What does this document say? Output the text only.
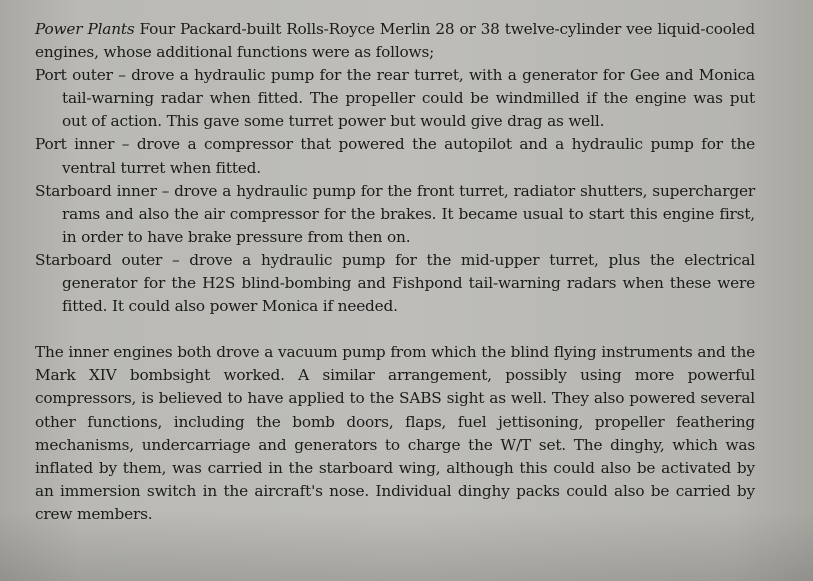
Power Plants Four Packard-built Rolls-Royce Merlin 28 or 38 twelve-cylinder vee liquid-cooled engines, whose additional functions were as follows;

Port outer – drove a hydraulic pump for the rear turret, with a generator for Gee and Monica tail-warning radar when fitted. The propeller could be windmilled if the engine was put out of action. This gave some turret power but would give drag as well.

Port inner – drove a compressor that powered the autopilot and a hydraulic pump for the ventral turret when fitted.

Starboard inner – drove a hydraulic pump for the front turret, radiator shutters, supercharger rams and also the air compressor for the brakes. It became usual to start this engine first, in order to have brake pressure from then on.

Starboard outer – drove a hydraulic pump for the mid-upper turret, plus the electrical generator for the H2S blind-bombing and Fishpond tail-warning radars when these were fitted. It could also power Monica if needed.

The inner engines both drove a vacuum pump from which the blind flying instruments and the Mark XIV bombsight worked. A similar arrangement, possibly using more powerful compressors, is believed to have applied to the SABS sight as well. They also powered several other functions, including the bomb doors, flaps, fuel jettisoning, propeller feathering mechanisms, undercarriage and generators to charge the W/T set. The dinghy, which was inflated by them, was carried in the starboard wing, although this could also be activated by an immersion switch in the aircraft's nose. Individual dinghy packs could also be carried by crew members.
